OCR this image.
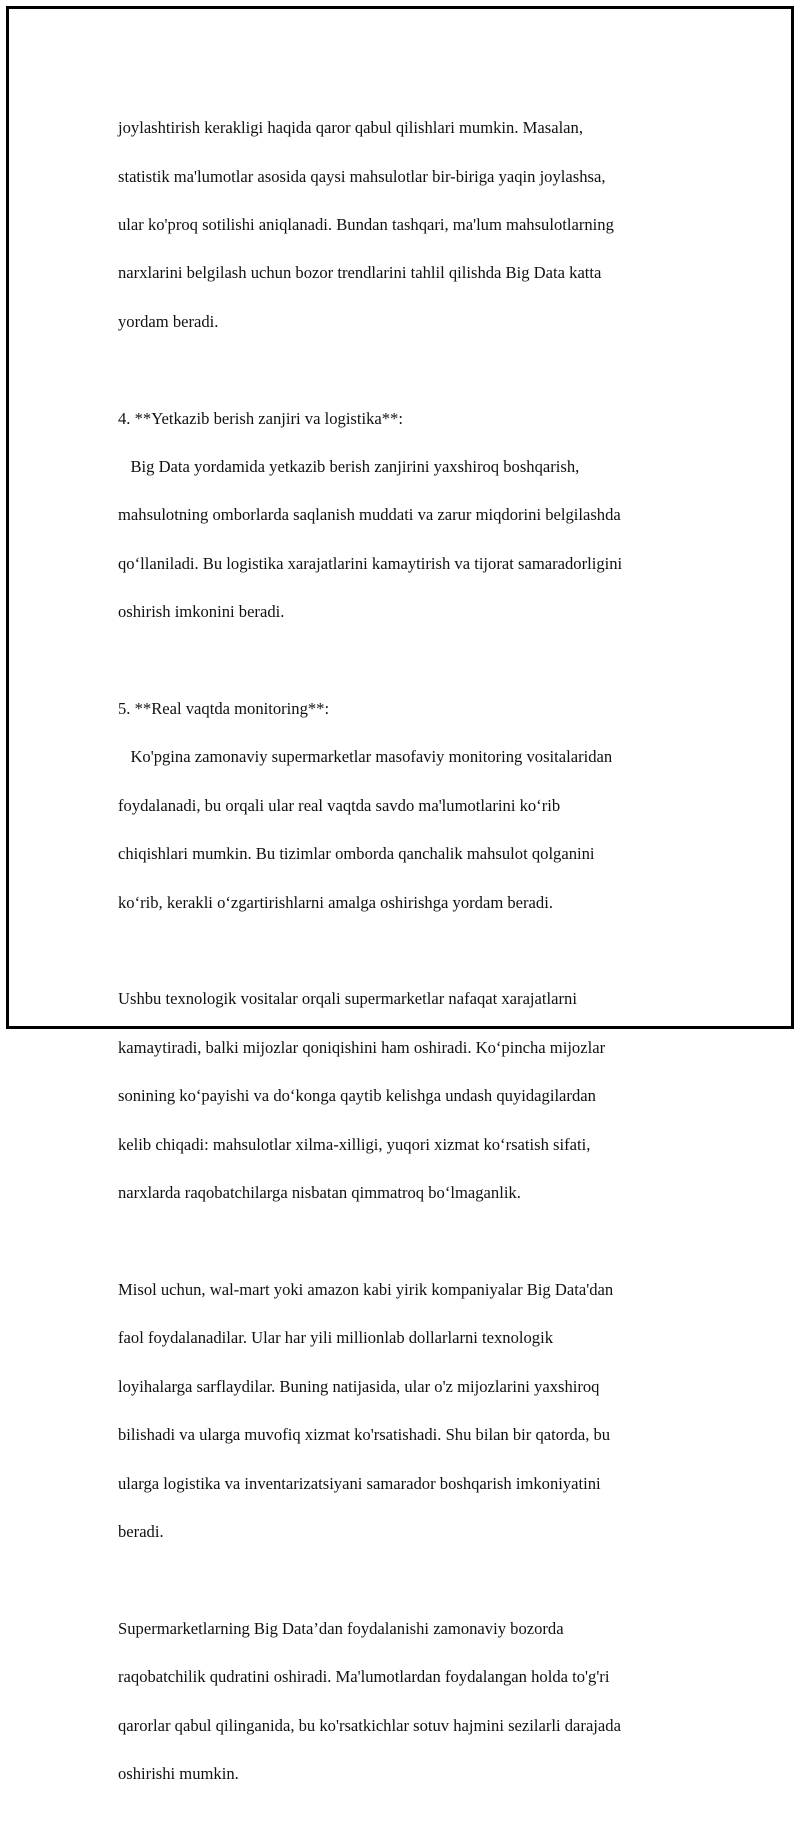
joylashtirish kerakligi haqida qaror qabul qilishlari mumkin. Masalan,

statistik ma'lumotlar asosida qaysi mahsulotlar bir-biriga yaqin joylashsa,

ular ko'proq sotilishi aniqlanadi. Bundan tashqari, ma'lum mahsulotlarning

narxlarini belgilash uchun bozor trendlarini tahlil qilishda Big Data katta

yordam beradi.

4. **Yetkazib berish zanjiri va logistika**:

Big Data yordamida yetkazib berish zanjirini yaxshiroq boshqarish,

mahsulotning omborlarda saqlanish muddati va zarur miqdorini belgilashda

qo‘llaniladi. Bu logistika xarajatlarini kamaytirish va tijorat samaradorligini

oshirish imkonini beradi.

5. **Real vaqtda monitoring**:

Ko'pgina zamonaviy supermarketlar masofaviy monitoring vositalaridan

foydalanadi, bu orqali ular real vaqtda savdo ma'lumotlarini ko‘rib

chiqishlari mumkin. Bu tizimlar omborda qanchalik mahsulot qolganini

ko‘rib, kerakli o‘zgartirishlarni amalga oshirishga yordam beradi.

Ushbu texnologik vositalar orqali supermarketlar nafaqat xarajatlarni

kamaytiradi, balki mijozlar qoniqishini ham oshiradi. Ko‘pincha mijozlar

sonining ko‘payishi va do‘konga qaytib kelishga undash quyidagilardan

kelib chiqadi: mahsulotlar xilma-xilligi, yuqori xizmat ko‘rsatish sifati,

narxlarda raqobatchilarga nisbatan qimmatroq bo‘lmaganlik.

Misol uchun, wal-mart yoki amazon kabi yirik kompaniyalar Big Data'dan

faol foydalanadilar. Ular har yili millionlab dollarlarni texnologik

loyihalarga sarflaydilar. Buning natijasida, ular o'z mijozlarini yaxshiroq

bilishadi va ularga muvofiq xizmat ko'rsatishadi. Shu bilan bir qatorda, bu

ularga logistika va inventarizatsiyani samarador boshqarish imkoniyatini

beradi.

Supermarketlarning Big Data’dan foydalanishi zamonaviy bozorda

raqobatchilik qudratini oshiradi. Ma'lumotlardan foydalangan holda to'g'ri

qarorlar qabul qilinganida, bu ko'rsatkichlar sotuv hajmini sezilarli darajada

oshirishi mumkin.
